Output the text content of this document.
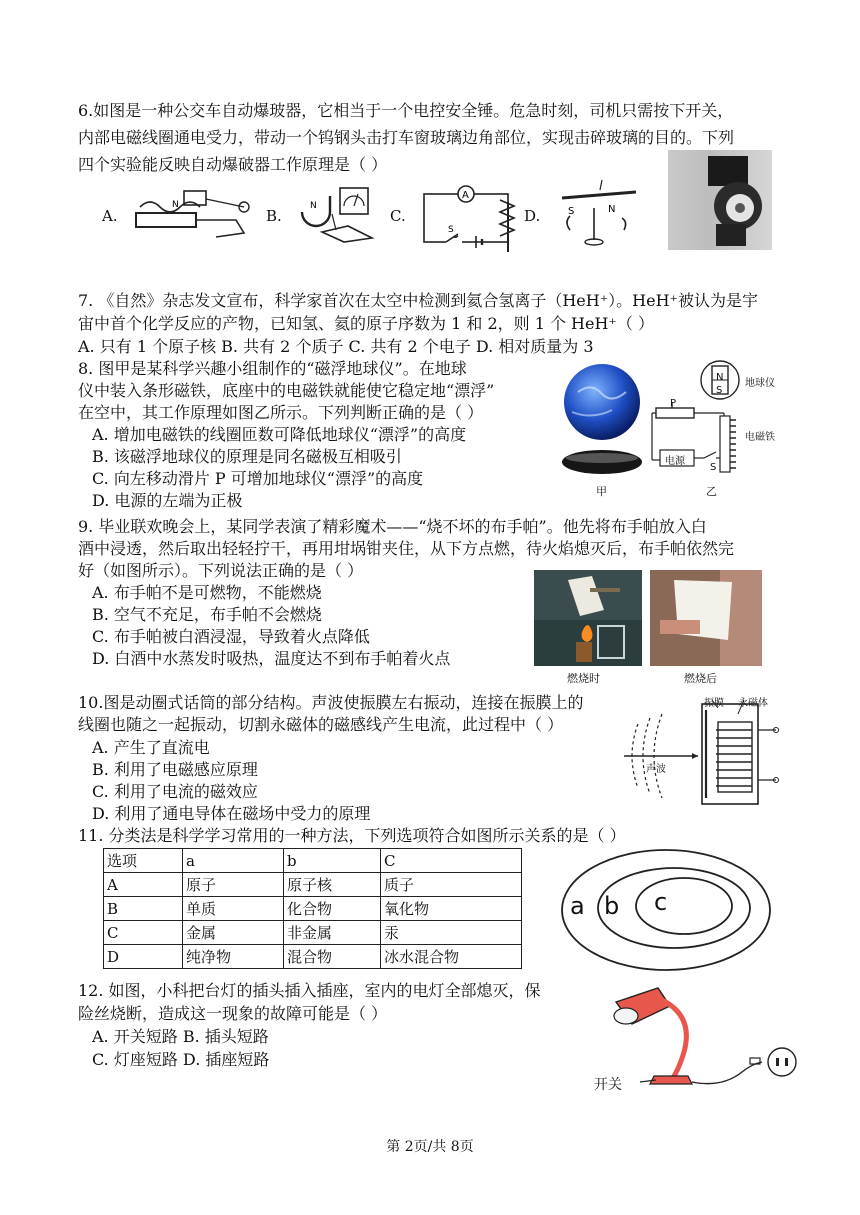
6.如图是一种公交车自动爆玻器，它相当于一个电控安全锤。危急时刻，司机只需按下开关，
内部电磁线圈通电受力，带动一个钨钢头击打车窗玻璃边角部位，实现击碎玻璃的目的。下列
四个实验能反映自动爆破器工作原理是（ ）
A.
N
B.
N
C.
A
S
D.	S	N
7. 《自然》杂志发文宣布，科学家首次在太空中检测到氦合氢离子（HeH⁺）。HeH⁺被认为是宇
宙中首个化学反应的产物，已知氢、氦的原子序数为 1 和 2，则 1 个 HeH⁺（ ）
A. 只有 1 个原子核 B. 共有 2 个质子 C. 共有 2 个电子 D. 相对质量为 3
8. 图甲是某科学兴趣小组制作的“磁浮地球仪”。在地球
仪中装入条形磁铁，底座中的电磁铁就能使它稳定地“漂浮”
在空中，其工作原理如图乙所示。下列判断正确的是（ ）
A. 增加电磁铁的线圈匝数可降低地球仪“漂浮”的高度
B. 该磁浮地球仪的原理是同名磁极互相吸引
C. 向左移动滑片 P 可增加地球仪“漂浮”的高度
D. 电源的左端为正极	甲
N
S
地球仪
P
电磁铁
电源
S
乙
9. 毕业联欢晚会上，某同学表演了精彩魔术——“烧不坏的布手帕”。他先将布手帕放入白
酒中浸透，然后取出轻轻拧干，再用坩埚钳夹住，从下方点燃，待火焰熄灭后，布手帕依然完
好（如图所示）。下列说法正确的是（ ）
A. 布手帕不是可燃物，不能燃烧
B. 空气不充足，布手帕不会燃烧
C. 布手帕被白酒浸湿，导致着火点降低
D. 白酒中水蒸发时吸热，温度达不到布手帕着火点
燃烧时	燃烧后
10.图是动圈式话筒的部分结构。声波使振膜左右振动，连接在振膜上的
线圈也随之一起振动，切割永磁体的磁感线产生电流，此过程中（ ）
A. 产生了直流电
B. 利用了电磁感应原理
C. 利用了电流的磁效应
D. 利用了通电导体在磁场中受力的原理
振膜 永磁体
声波
11. 分类法是科学学习常用的一种方法，下列选项符合如图所示关系的是（ ）
选项	a	b	C
A	原子	原子核	质子
B	单质	化合物	氧化物
C	金属	非金属	汞
D	纯净物	混合物	冰水混合物
a b c
12. 如图，小科把台灯的插头插入插座，室内的电灯全部熄灭，保
险丝烧断，造成这一现象的故障可能是（ ）
A. 开关短路 B. 插头短路
C. 灯座短路 D. 插座短路
开关
第 2页/共 8页
